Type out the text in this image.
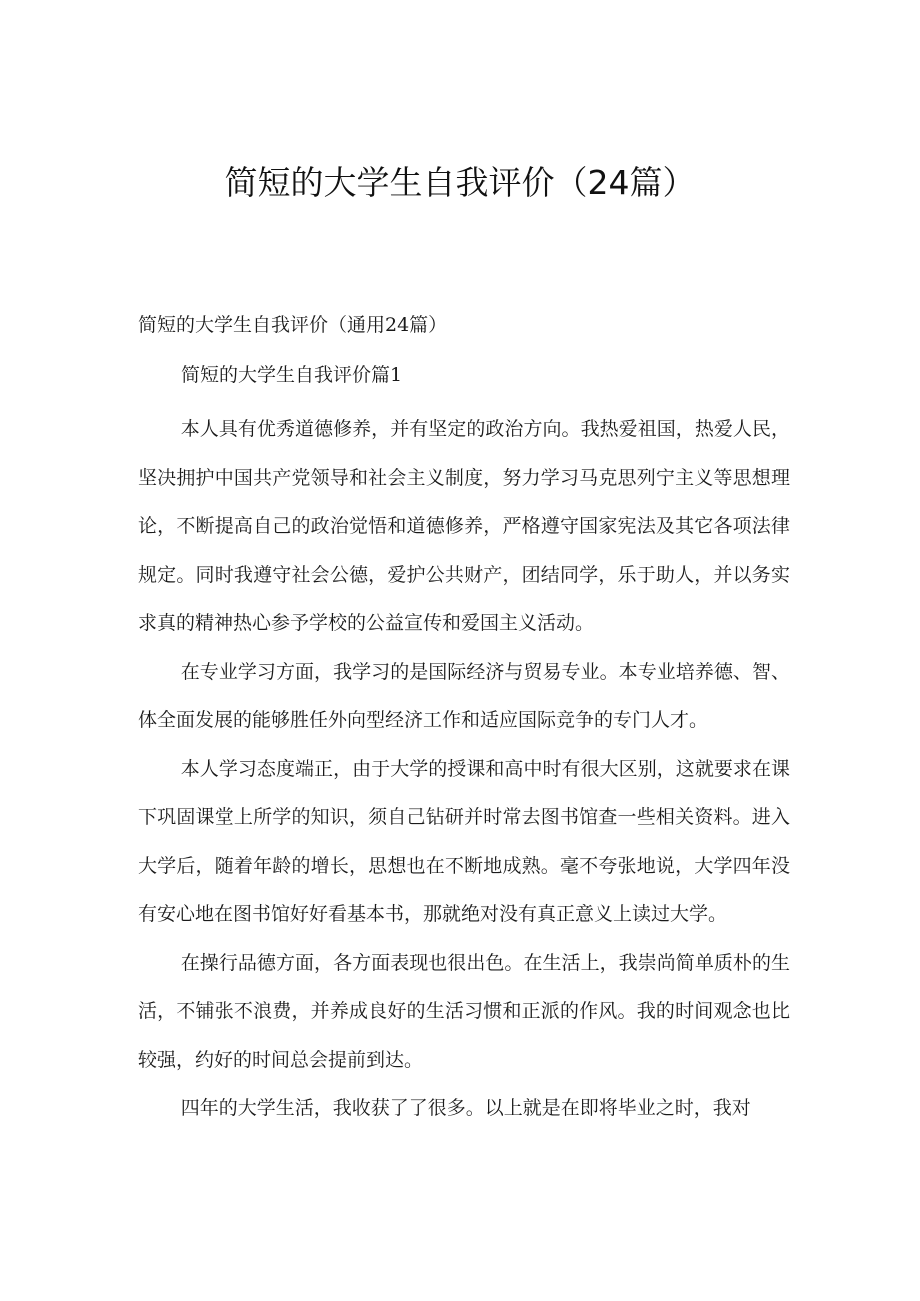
简短的大学生自我评价（24篇）
简短的大学生自我评价（通用24篇）
简短的大学生自我评价篇1

本人具有优秀道德修养，并有坚定的政治方向。我热爱祖国，热爱人民，坚决拥护中国共产党领导和社会主义制度，努力学习马克思列宁主义等思想理论，不断提高自己的政治觉悟和道德修养，严格遵守国家宪法及其它各项法律规定。同时我遵守社会公德，爱护公共财产，团结同学，乐于助人，并以务实求真的精神热心参予学校的公益宣传和爱国主义活动。

在专业学习方面，我学习的是国际经济与贸易专业。本专业培养德、智、体全面发展的能够胜任外向型经济工作和适应国际竞争的专门人才。

本人学习态度端正，由于大学的授课和高中时有很大区别，这就要求在课下巩固课堂上所学的知识，须自己钻研并时常去图书馆查一些相关资料。进入大学后，随着年龄的增长，思想也在不断地成熟。毫不夸张地说，大学四年没有安心地在图书馆好好看基本书，那就绝对没有真正意义上读过大学。

在操行品德方面，各方面表现也很出色。在生活上，我崇尚简单质朴的生活，不铺张不浪费，并养成良好的生活习惯和正派的作风。我的时间观念也比较强，约好的时间总会提前到达。

四年的大学生活，我收获了了很多。以上就是在即将毕业之时，我对
